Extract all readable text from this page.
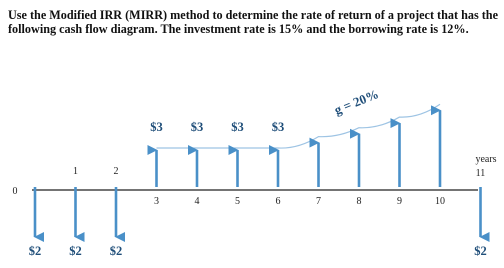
Use the Modified IRR (MIRR) method to determine the rate of return of a project that has the following cash flow diagram. The investment rate is 15% and the borrowing rate is 12%.

g = 20%
years
0
$2
1
$2
2
$2
3
$3
4
$3
5
$3
6
$3
7	8	9	10
11
$2
